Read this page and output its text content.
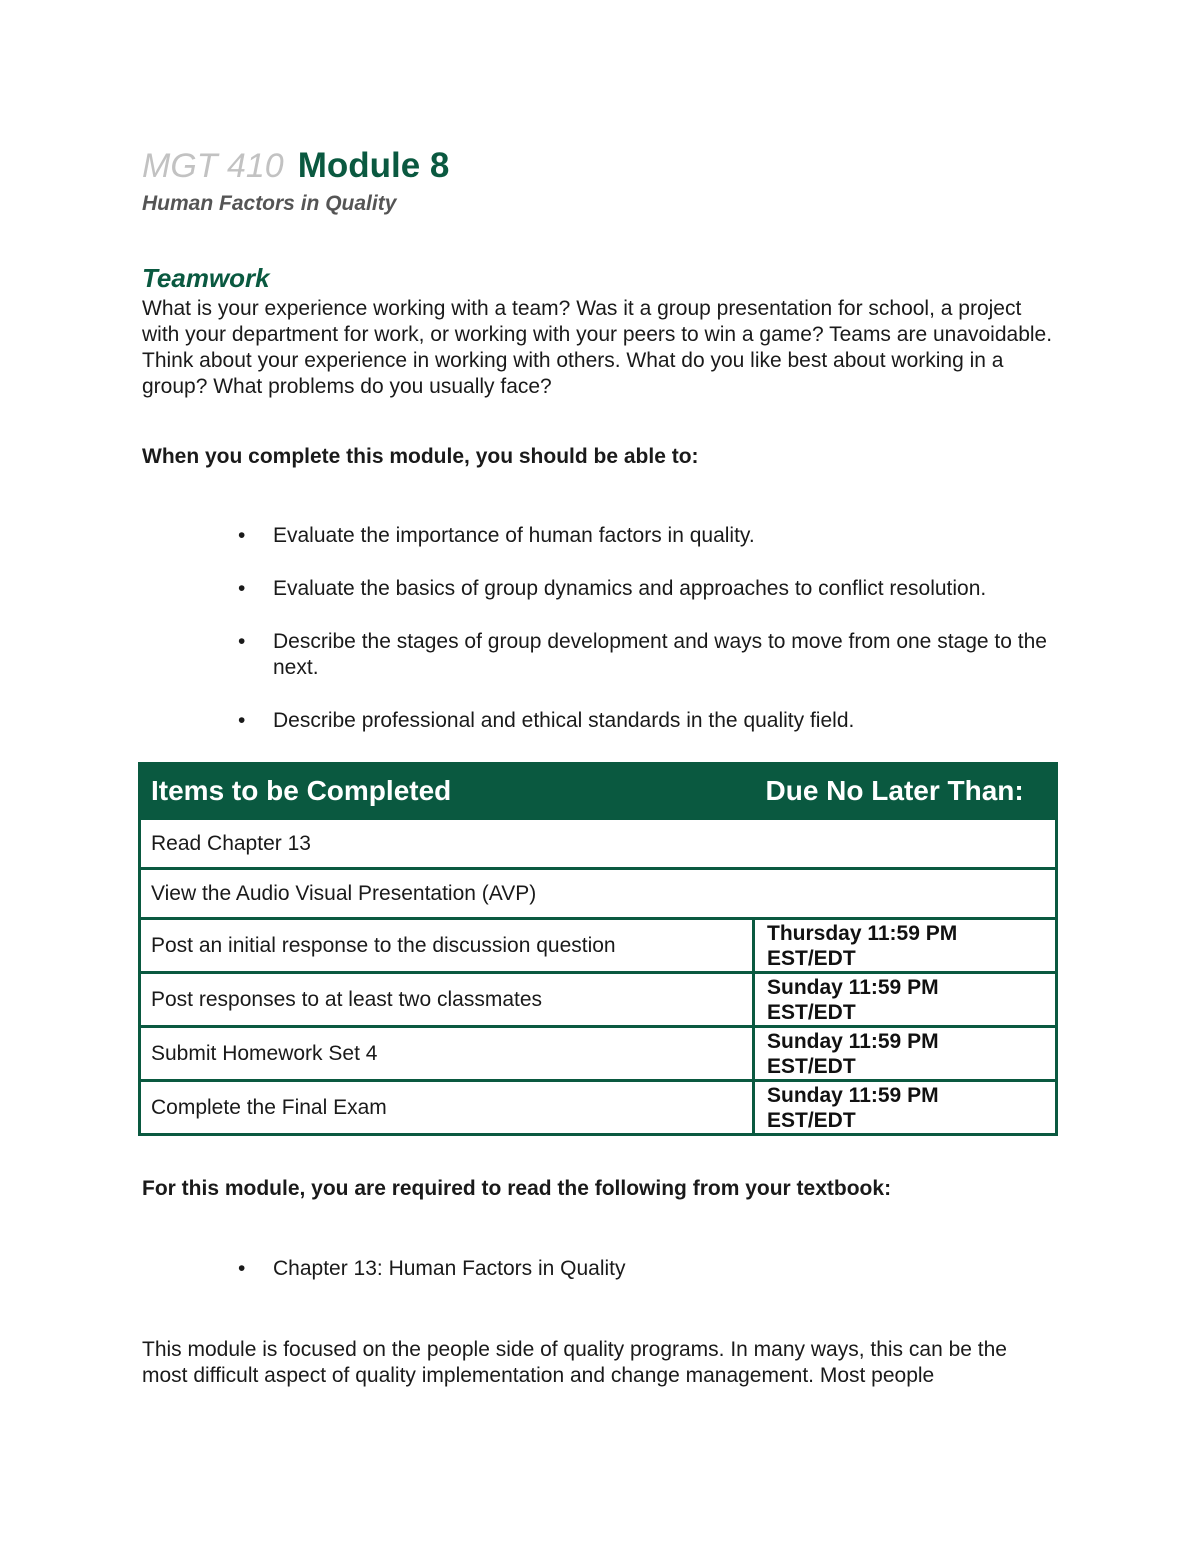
MGT 410 Module 8
Human Factors in Quality
Teamwork
What is your experience working with a team? Was it a group presentation for school, a project with your department for work, or working with your peers to win a game? Teams are unavoidable. Think about your experience in working with others. What do you like best about working in a group? What problems do you usually face?
When you complete this module, you should be able to:
• Evaluate the importance of human factors in quality.
• Evaluate the basics of group dynamics and approaches to conflict resolution.
• Describe the stages of group development and ways to move from one stage to the next.
• Describe professional and ethical standards in the quality field.
Items to be Completed	Due No Later Than:
Read Chapter 13	
View the Audio Visual Presentation (AVP)	
Post an initial response to the discussion question	Thursday 11:59 PM
EST/EDT

Post responses to at least two classmates	Sunday 11:59 PM
EST/EDT

Submit Homework Set 4	Sunday 11:59 PM
EST/EDT

Complete the Final Exam	Sunday 11:59 PM
EST/EDT
For this module, you are required to read the following from your textbook:
• Chapter 13: Human Factors in Quality
This module is focused on the people side of quality programs. In many ways, this can be the most difficult aspect of quality implementation and change management. Most people
